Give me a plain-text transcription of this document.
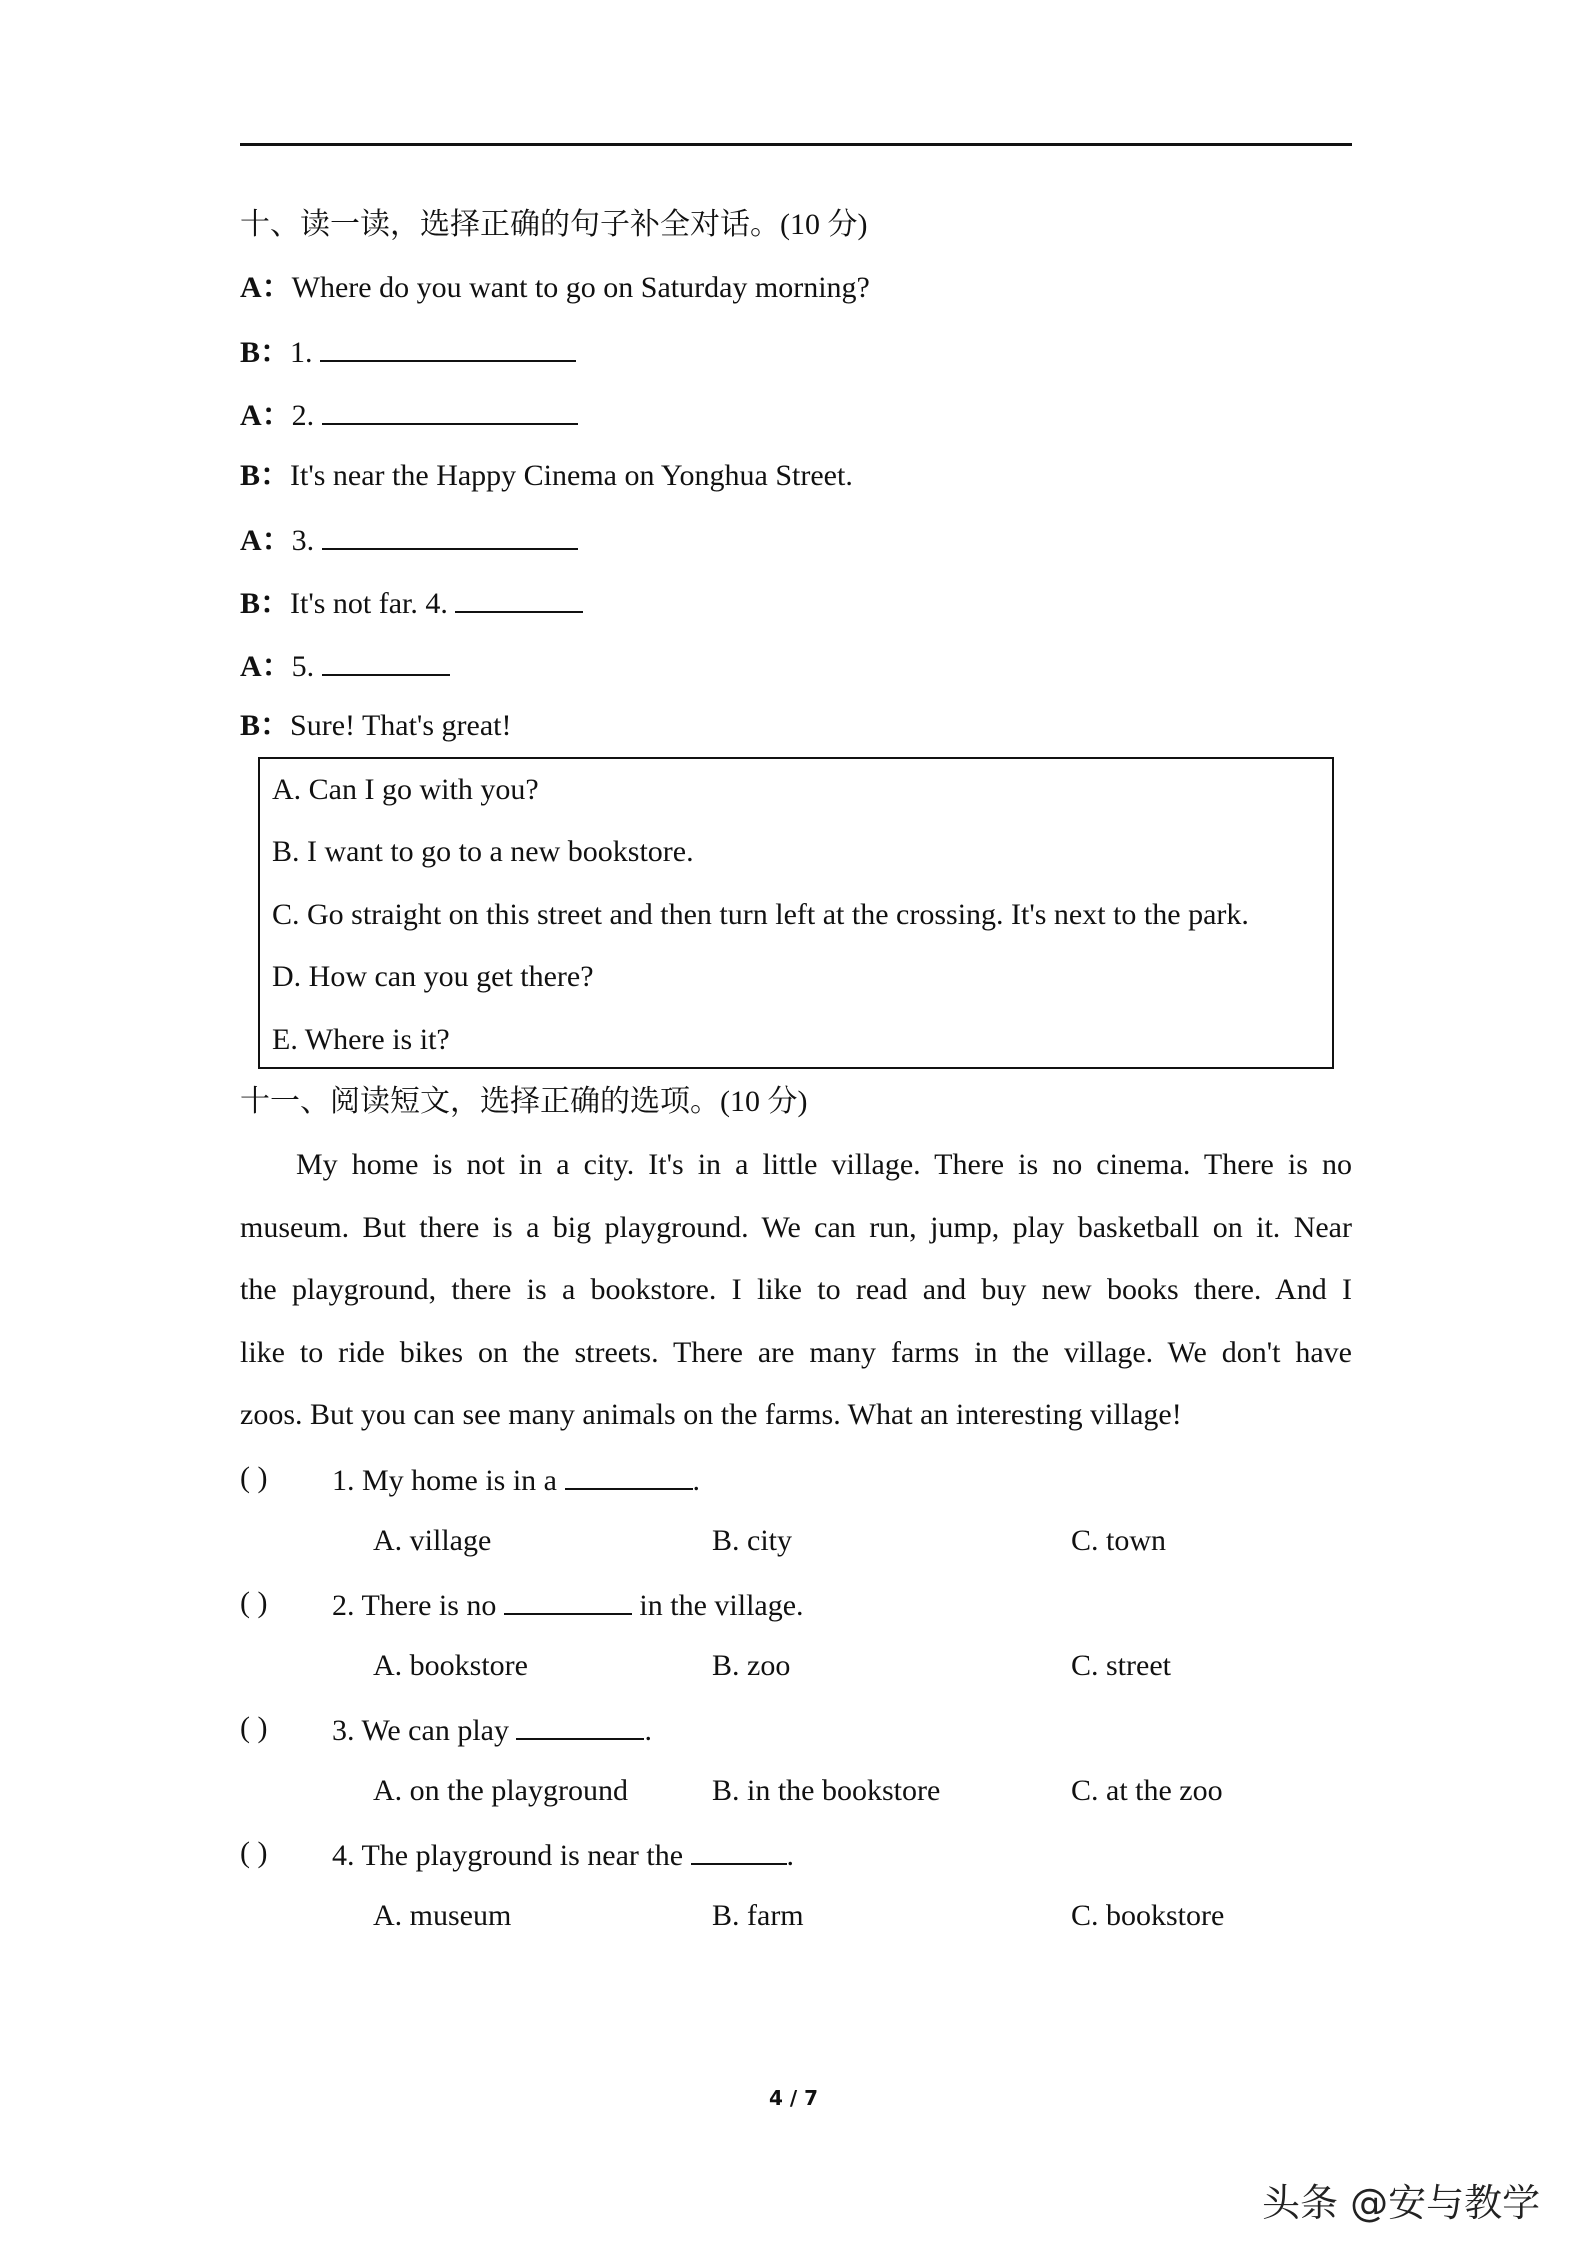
十、读一读，选择正确的句子补全对话。(10 分)
A：Where do you want to go on Saturday morning?
B：1.
A：2.
B：It's near the Happy Cinema on Yonghua Street.
A：3.
B：It's not far. 4.
A：5.
B：Sure! That's great!
A. Can I go with you?
B. I want to go to a new bookstore.
C. Go straight on this street and then turn left at the crossing. It's next to the park.
D. How can you get there?
E. Where is it?
十一、阅读短文，选择正确的选项。(10 分)
My home is not in a city. It's in a little village. There is no cinema. There is no
museum. But there is a big playground. We can run, jump, play basketball on it. Near
the playground, there is a bookstore. I like to read and buy new books there. And I
like to ride bikes on the streets. There are many farms in the village. We don't have
zoos. But you can see many animals on the farms. What an interesting village!
( ) 1. My home is in a	.
A. village	B. city	C. town
( ) 2. There is no	in the village.
A. bookstore	B. zoo	C. street
( ) 3. We can play	.
A. on the playground	B. in the bookstore	C. at the zoo
( ) 4. The playground is near the	.
A. museum	B. farm	C. bookstore
4 / 7
头条 @安与教学
